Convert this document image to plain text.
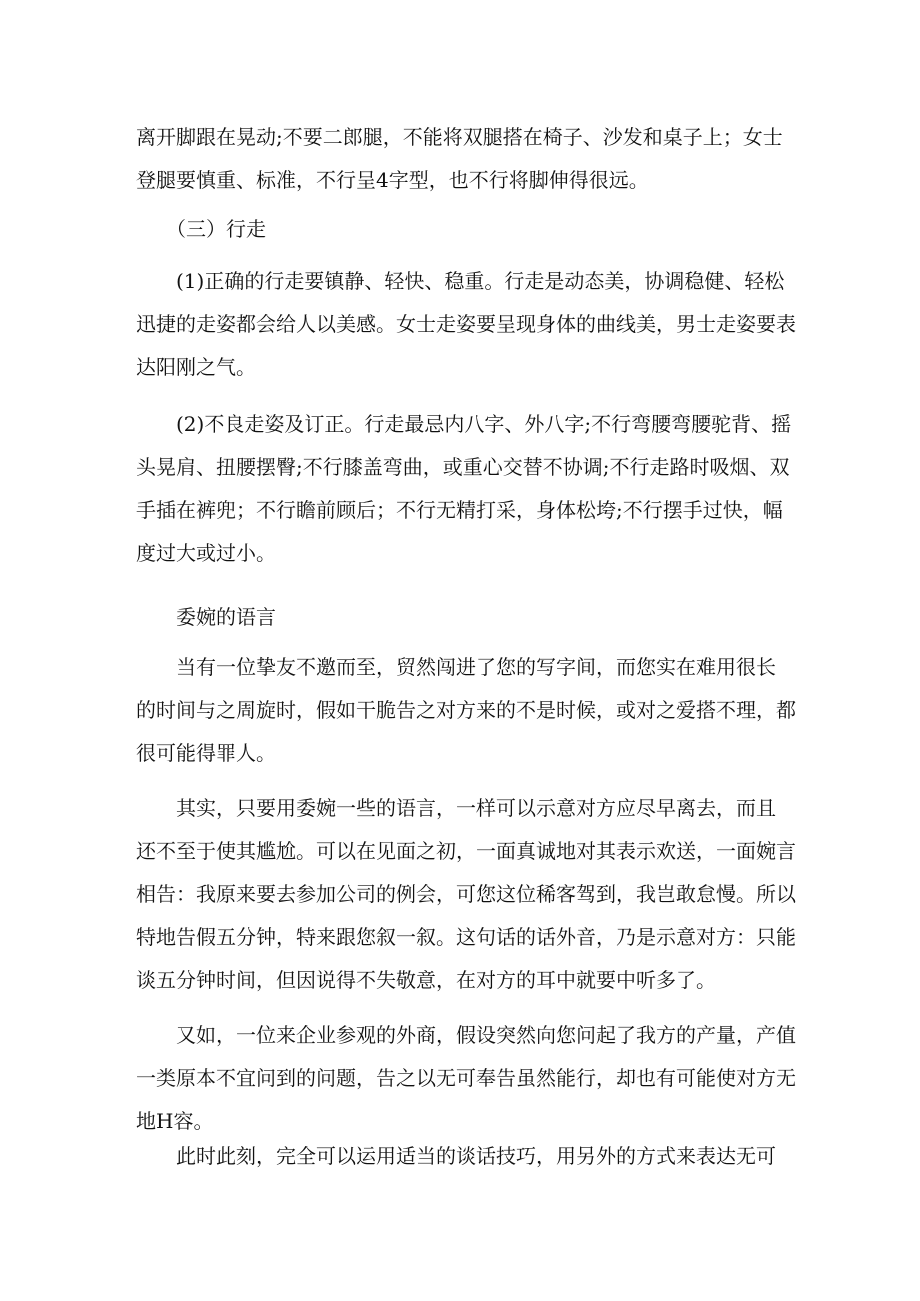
离开脚跟在晃动;不要二郎腿，不能将双腿搭在椅子、沙发和桌子上；女士
登腿要慎重、标准，不行呈4字型，也不行将脚伸得很远。
（三）行走
(1)正确的行走要镇静、轻快、稳重。行走是动态美，协调稳健、轻松
迅捷的走姿都会给人以美感。女士走姿要呈现身体的曲线美，男士走姿要表
达阳刚之气。
(2)不良走姿及订正。行走最忌内八字、外八字;不行弯腰弯腰驼背、摇
头晃肩、扭腰摆臀;不行膝盖弯曲，或重心交替不协调;不行走路时吸烟、双
手插在裤兜；不行瞻前顾后；不行无精打采，身体松垮;不行摆手过快，幅
度过大或过小。
委婉的语言
当有一位挚友不邀而至，贸然闯进了您的写字间，而您实在难用很长
的时间与之周旋时，假如干脆告之对方来的不是时候，或对之爱搭不理，都
很可能得罪人。
其实，只要用委婉一些的语言，一样可以示意对方应尽早离去，而且
还不至于使其尴尬。可以在见面之初，一面真诚地对其表示欢送，一面婉言
相告：我原来要去参加公司的例会，可您这位稀客驾到，我岂敢怠慢。所以
特地告假五分钟，特来跟您叙一叙。这句话的话外音，乃是示意对方：只能
谈五分钟时间，但因说得不失敬意，在对方的耳中就要中听多了。
又如，一位来企业参观的外商，假设突然向您问起了我方的产量，产值
一类原本不宜问到的问题，告之以无可奉告虽然能行，却也有可能使对方无
地H容。
此时此刻，完全可以运用适当的谈话技巧，用另外的方式来表达无可
